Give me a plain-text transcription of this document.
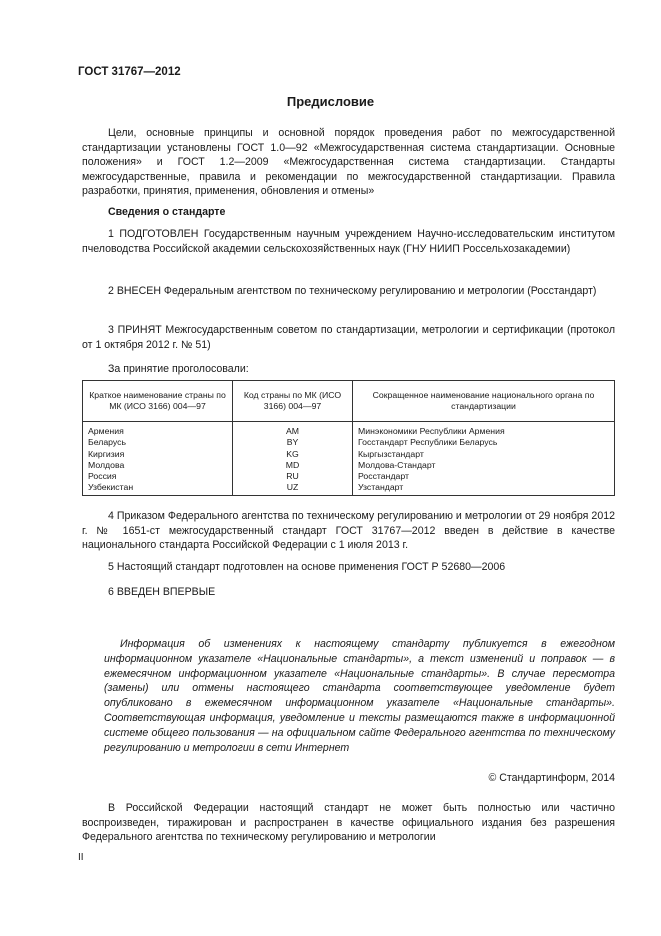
ГОСТ 31767—2012
Предисловие
Цели, основные принципы и основной порядок проведения работ по межгосударственной стандартизации установлены ГОСТ 1.0—92 «Межгосударственная система стандартизации. Основные положения» и ГОСТ 1.2—2009 «Межгосударственная система стандартизации. Стандарты межгосударственные, правила и рекомендации по межгосударственной стандартизации. Правила разработки, принятия, применения, обновления и отмены»
Сведения о стандарте
1 ПОДГОТОВЛЕН Государственным научным учреждением Научно-исследовательским институтом пчеловодства Российской академии сельскохозяйственных наук (ГНУ НИИП Россельхозакадемии)
2 ВНЕСЕН Федеральным агентством по техническому регулированию и метрологии (Росстандарт)
3 ПРИНЯТ Межгосударственным советом по стандартизации, метрологии и сертификации (протокол от 1 октября 2012 г. № 51)
За принятие проголосовали:
Краткое наименование страны по МК (ИСО 3166) 004—97	Код страны по МК (ИСО 3166) 004—97	Сокращенное наименование национального органа по стандартизации
Армения	AM	Минэкономики Республики Армения
Беларусь	BY	Госстандарт Республики Беларусь
Киргизия	KG	Кыргызстандарт
Молдова	MD	Молдова-Стандарт
Россия	RU	Росстандарт
Узбекистан	UZ	Узстандарт
4 Приказом Федерального агентства по техническому регулированию и метрологии от 29 ноября 2012 г. № 1651-ст межгосударственный стандарт ГОСТ 31767—2012 введен в действие в качестве национального стандарта Российской Федерации с 1 июля 2013 г.
5 Настоящий стандарт подготовлен на основе применения ГОСТ Р 52680—2006
6 ВВЕДЕН ВПЕРВЫЕ
Информация об изменениях к настоящему стандарту публикуется в ежегодном информационном указателе «Национальные стандарты», а текст изменений и поправок — в ежемесячном информационном указателе «Национальные стандарты». В случае пересмотра (замены) или отмены настоящего стандарта соответствующее уведомление будет опубликовано в ежемесячном информационном указателе «Национальные стандарты». Соответствующая информация, уведомление и тексты размещаются также в информационной системе общего пользования — на официальном сайте Федерального агентства по техническому регулированию и метрологии в сети Интернет
© Стандартинформ, 2014
В Российской Федерации настоящий стандарт не может быть полностью или частично воспроизведен, тиражирован и распространен в качестве официального издания без разрешения Федерального агентства по техническому регулированию и метрологии
II
